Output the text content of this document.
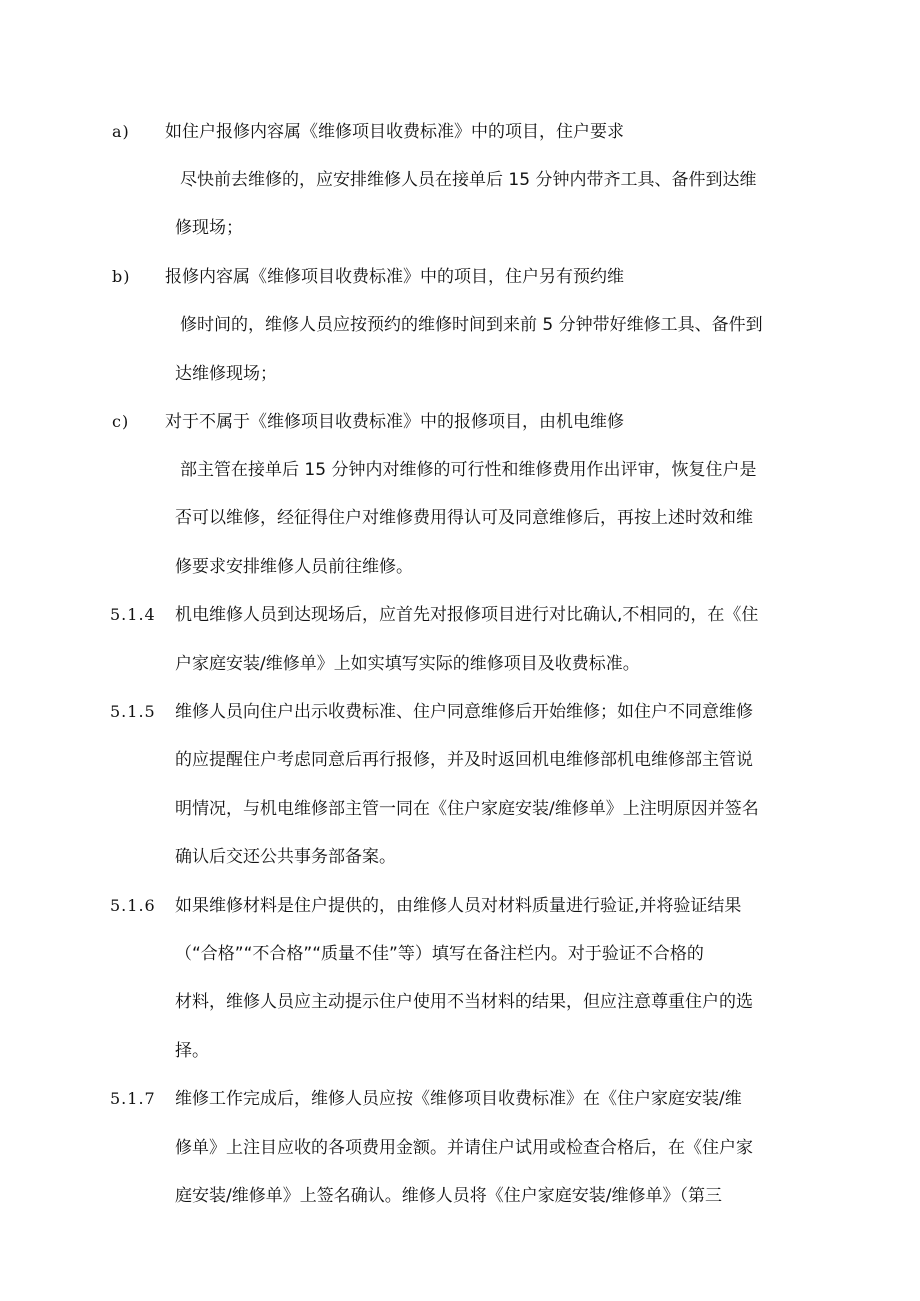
a) 如住户报修内容属《维修项目收费标准》中的项目，住户要求
尽快前去维修的，应安排维修人员在接单后 15 分钟内带齐工具、备件到达维
修现场；
b) 报修内容属《维修项目收费标准》中的项目，住户另有预约维
修时间的，维修人员应按预约的维修时间到来前 5 分钟带好维修工具、备件到
达维修现场；
c) 对于不属于《维修项目收费标准》中的报修项目，由机电维修
部主管在接单后 15 分钟内对维修的可行性和维修费用作出评审，恢复住户是
否可以维修，经征得住户对维修费用得认可及同意维修后，再按上述时效和维
修要求安排维修人员前往维修。
5.1.4 机电维修人员到达现场后，应首先对报修项目进行对比确认,不相同的，在《住
户家庭安装/维修单》上如实填写实际的维修项目及收费标准。
5.1.5 维修人员向住户出示收费标准、住户同意维修后开始维修；如住户不同意维修
的应提醒住户考虑同意后再行报修，并及时返回机电维修部机电维修部主管说
明情况，与机电维修部主管一同在《住户家庭安装/维修单》上注明原因并签名
确认后交还公共事务部备案。
5.1.6 如果维修材料是住户提供的，由维修人员对材料质量进行验证,并将验证结果
（“合格”“不合格”“质量不佳”等）填写在备注栏内。对于验证不合格的
材料，维修人员应主动提示住户使用不当材料的结果，但应注意尊重住户的选
择。
5.1.7 维修工作完成后，维修人员应按《维修项目收费标准》在《住户家庭安装/维
修单》上注目应收的各项费用金额。并请住户试用或检查合格后，在《住户家
庭安装/维修单》上签名确认。维修人员将《住户家庭安装/维修单》（第三
